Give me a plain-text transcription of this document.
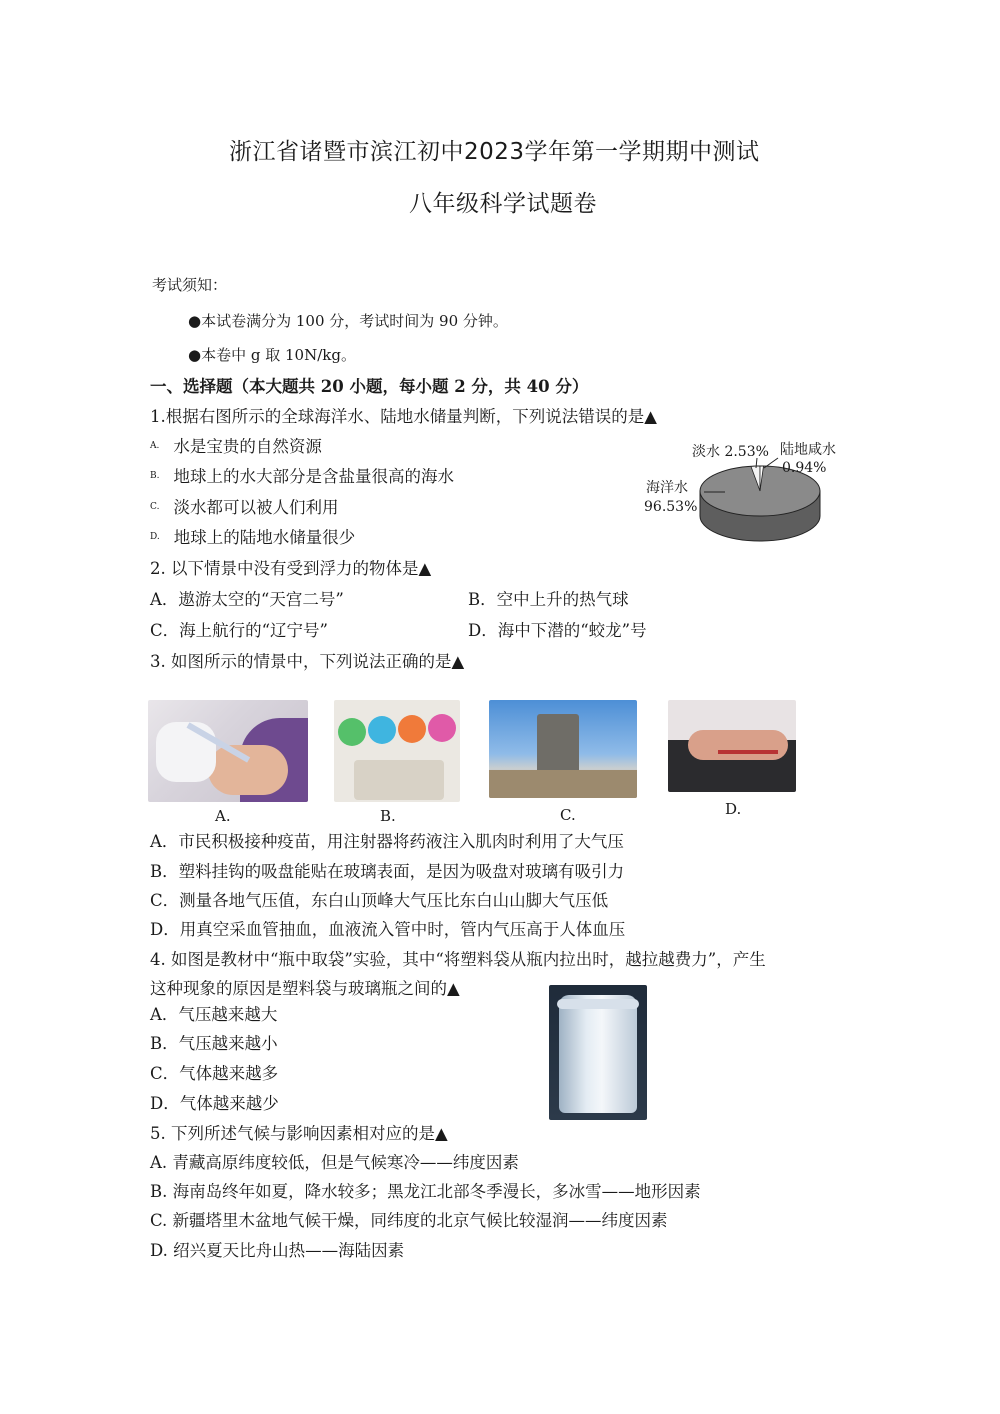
浙江省诸暨市滨江初中2023学年第一学期期中测试
八年级科学试题卷
考试须知：
●本试卷满分为 100 分，考试时间为 90 分钟。
●本卷中 g 取 10N/kg。
一、选择题（本大题共 20 小题，每小题 2 分，共 40 分）
1.根据右图所示的全球海洋水、陆地水储量判断，下列说法错误的是▲
$^{A.}$ 水是宝贵的自然资源
$^{B.}$ 地球上的水大部分是含盐量很高的海水
$^{C.}$ 淡水都可以被人们利用
$^{D.}$ 地球上的陆地水储量很少
淡水 2.53% 陆地咸水
0.94%
海洋水
96.53%
2. 以下情景中没有受到浮力的物体是▲
A．遨游太空的“天宫二号”	B．空中上升的热气球
C．海上航行的“辽宁号”	D．海中下潜的“蛟龙”号
3. 如图所示的情景中，下列说法正确的是▲
A.	B.	C.	D.
A．市民积极接种疫苗，用注射器将药液注入肌肉时利用了大气压
B．塑料挂钩的吸盘能贴在玻璃表面，是因为吸盘对玻璃有吸引力
C．测量各地气压值，东白山顶峰大气压比东白山山脚大气压低
D．用真空采血管抽血，血液流入管中时，管内气压高于人体血压
4. 如图是教材中“瓶中取袋”实验，其中“将塑料袋从瓶内拉出时，越拉越费力”，产生
这种现象的原因是塑料袋与玻璃瓶之间的▲
A．气压越来越大
B．气压越来越小
C．气体越来越多
D．气体越来越少
5. 下列所述气候与影响因素相对应的是▲
A. 青藏高原纬度较低，但是气候寒冷——纬度因素
B. 海南岛终年如夏，降水较多；黑龙江北部冬季漫长，多冰雪——地形因素
C. 新疆塔里木盆地气候干燥，同纬度的北京气候比较湿润——纬度因素
D. 绍兴夏天比舟山热——海陆因素
